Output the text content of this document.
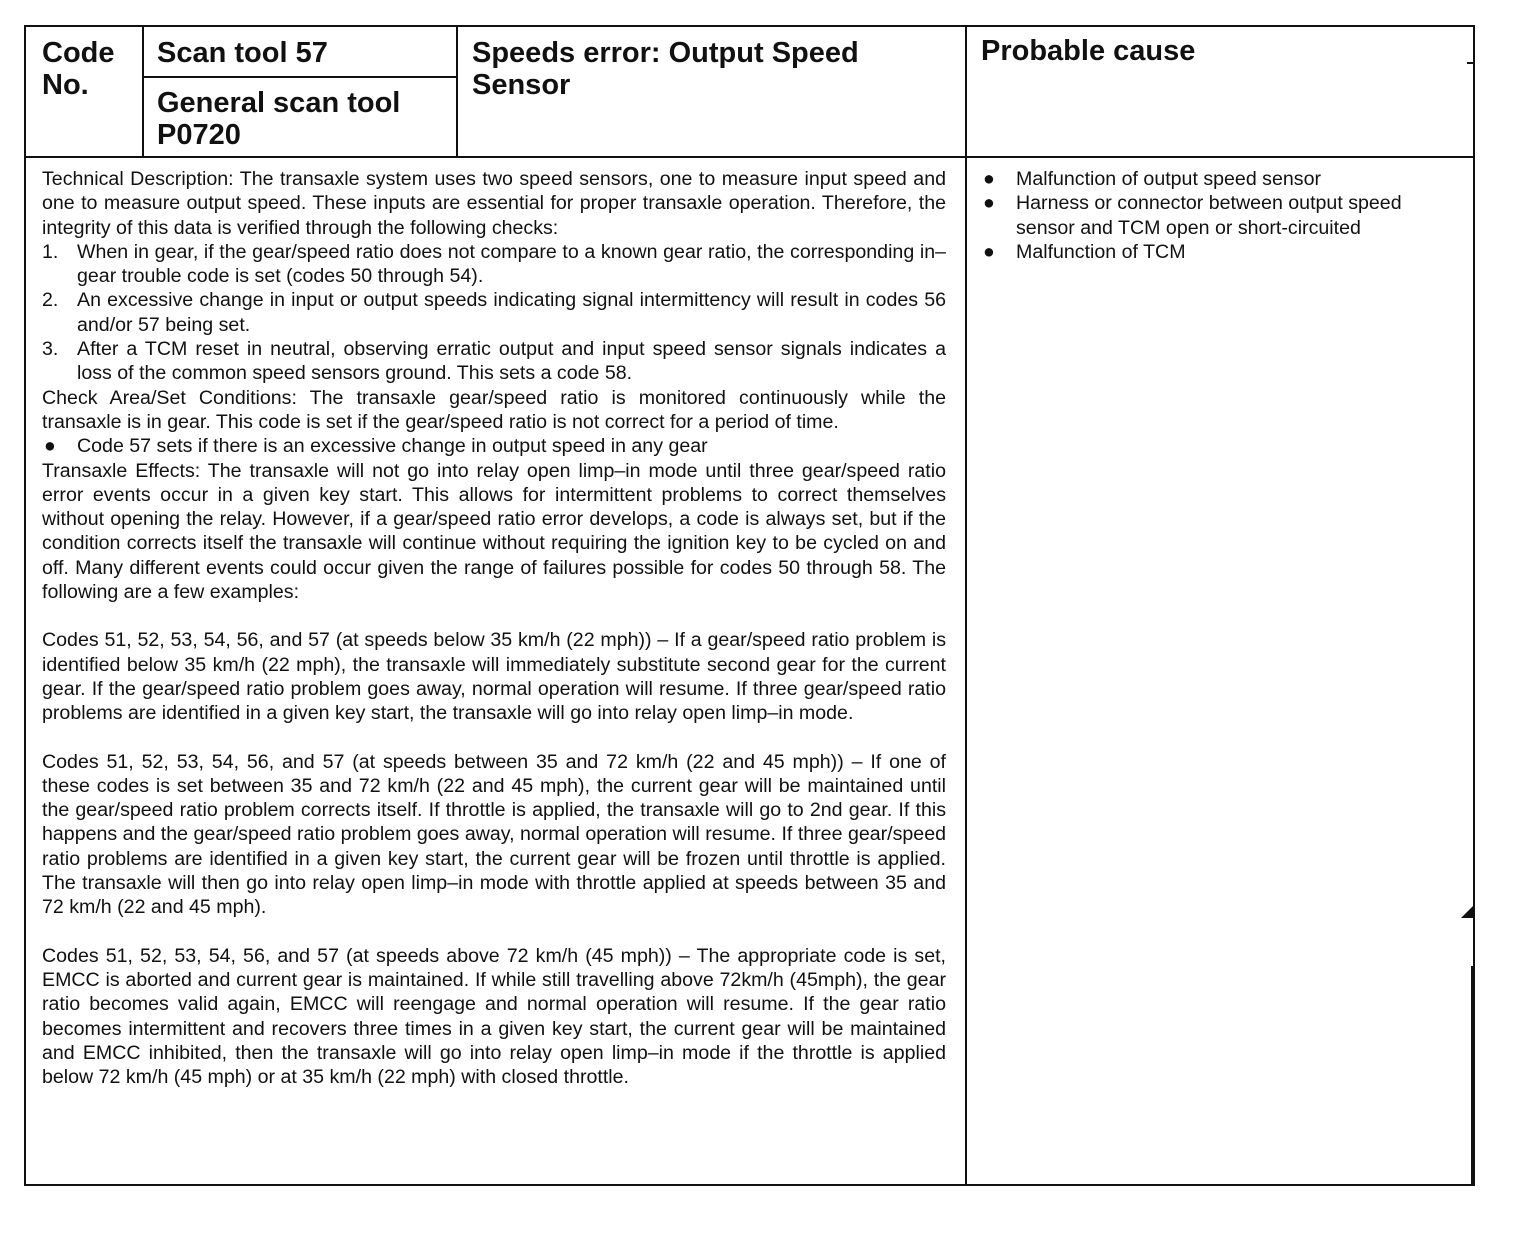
Code No.
Scan tool 57
General scan tool P0720
Speeds error: Output Speed Sensor
Probable cause

Technical Description: The transaxle system uses two speed sensors, one to measure input speed and one to measure output speed. These inputs are essential for proper transaxle operation. Therefore, the integrity of this data is verified through the following checks:

1. When in gear, if the gear/speed ratio does not compare to a known gear ratio, the corresponding in–gear trouble code is set (codes 50 through 54).
2. An excessive change in input or output speeds indicating signal intermittency will result in codes 56 and/or 57 being set.
3. After a TCM reset in neutral, observing erratic output and input speed sensor signals indicates a loss of the common speed sensors ground. This sets a code 58.

Check Area/Set Conditions: The transaxle gear/speed ratio is monitored continuously while the transaxle is in gear. This code is set if the gear/speed ratio is not correct for a period of time.

● Code 57 sets if there is an excessive change in output speed in any gear

Transaxle Effects: The transaxle will not go into relay open limp–in mode until three gear/speed ratio error events occur in a given key start. This allows for intermittent problems to correct themselves without opening the relay. However, if a gear/speed ratio error develops, a code is always set, but if the condition corrects itself the transaxle will continue without requiring the ignition key to be cycled on and off. Many different events could occur given the range of failures possible for codes 50 through 58. The following are a few examples:

Codes 51, 52, 53, 54, 56, and 57 (at speeds below 35 km/h (22 mph)) – If a gear/speed ratio problem is identified below 35 km/h (22 mph), the transaxle will immediately substitute second gear for the current gear. If the gear/speed ratio problem goes away, normal operation will resume. If three gear/speed ratio problems are identified in a given key start, the transaxle will go into relay open limp–in mode.

Codes 51, 52, 53, 54, 56, and 57 (at speeds between 35 and 72 km/h (22 and 45 mph)) – If one of these codes is set between 35 and 72 km/h (22 and 45 mph), the current gear will be maintained until the gear/speed ratio problem corrects itself. If throttle is applied, the transaxle will go to 2nd gear. If this happens and the gear/speed ratio problem goes away, normal operation will resume. If three gear/speed ratio problems are identified in a given key start, the current gear will be frozen until throttle is applied. The transaxle will then go into relay open limp–in mode with throttle applied at speeds between 35 and 72 km/h (22 and 45 mph).

Codes 51, 52, 53, 54, 56, and 57 (at speeds above 72 km/h (45 mph)) – The appropriate code is set, EMCC is aborted and current gear is maintained. If while still travelling above 72km/h (45mph), the gear ratio becomes valid again, EMCC will reengage and normal operation will resume. If the gear ratio becomes intermittent and recovers three times in a given key start, the current gear will be maintained and EMCC inhibited, then the transaxle will go into relay open limp–in mode if the throttle is applied below 72 km/h (45 mph) or at 35 km/h (22 mph) with closed throttle.

● Malfunction of output speed sensor
● Harness or connector between output speed sensor and TCM open or short-circuited
● Malfunction of TCM
